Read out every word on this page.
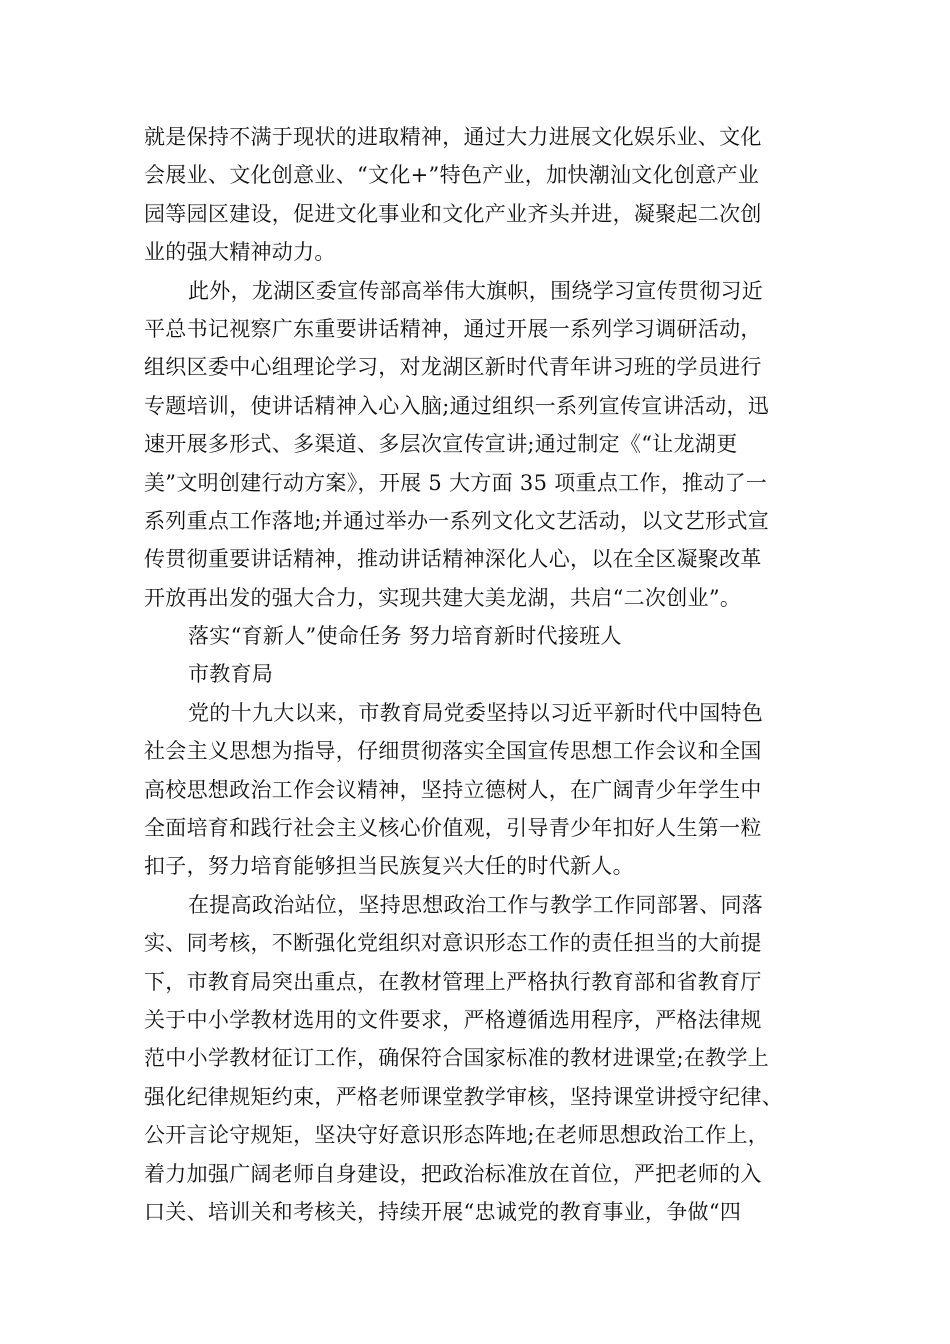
就是保持不满于现状的进取精神，通过大力进展文化娱乐业、文化
会展业、文化创意业、“文化+”特色产业，加快潮汕文化创意产业
园等园区建设，促进文化事业和文化产业齐头并进，凝聚起二次创
业的强大精神动力。
此外，龙湖区委宣传部高举伟大旗帜，围绕学习宣传贯彻习近
平总书记视察广东重要讲话精神，通过开展一系列学习调研活动，
组织区委中心组理论学习，对龙湖区新时代青年讲习班的学员进行
专题培训，使讲话精神入心入脑;通过组织一系列宣传宣讲活动，迅
速开展多形式、多渠道、多层次宣传宣讲;通过制定《“让龙湖更
美”文明创建行动方案》，开展 5 大方面 35 项重点工作，推动了一
系列重点工作落地;并通过举办一系列文化文艺活动，以文艺形式宣
传贯彻重要讲话精神，推动讲话精神深化人心，以在全区凝聚改革
开放再出发的强大合力，实现共建大美龙湖，共启“二次创业”。
落实“育新人”使命任务 努力培育新时代接班人
市教育局
党的十九大以来，市教育局党委坚持以习近平新时代中国特色
社会主义思想为指导，仔细贯彻落实全国宣传思想工作会议和全国
高校思想政治工作会议精神，坚持立德树人，在广阔青少年学生中
全面培育和践行社会主义核心价值观，引导青少年扣好人生第一粒
扣子，努力培育能够担当民族复兴大任的时代新人。
在提高政治站位，坚持思想政治工作与教学工作同部署、同落
实、同考核，不断强化党组织对意识形态工作的责任担当的大前提
下，市教育局突出重点，在教材管理上严格执行教育部和省教育厅
关于中小学教材选用的文件要求，严格遵循选用程序，严格法律规
范中小学教材征订工作，确保符合国家标准的教材进课堂;在教学上
强化纪律规矩约束，严格老师课堂教学审核，坚持课堂讲授守纪律、
公开言论守规矩，坚决守好意识形态阵地;在老师思想政治工作上，
着力加强广阔老师自身建设，把政治标准放在首位，严把老师的入
口关、培训关和考核关，持续开展“忠诚党的教育事业，争做“四
